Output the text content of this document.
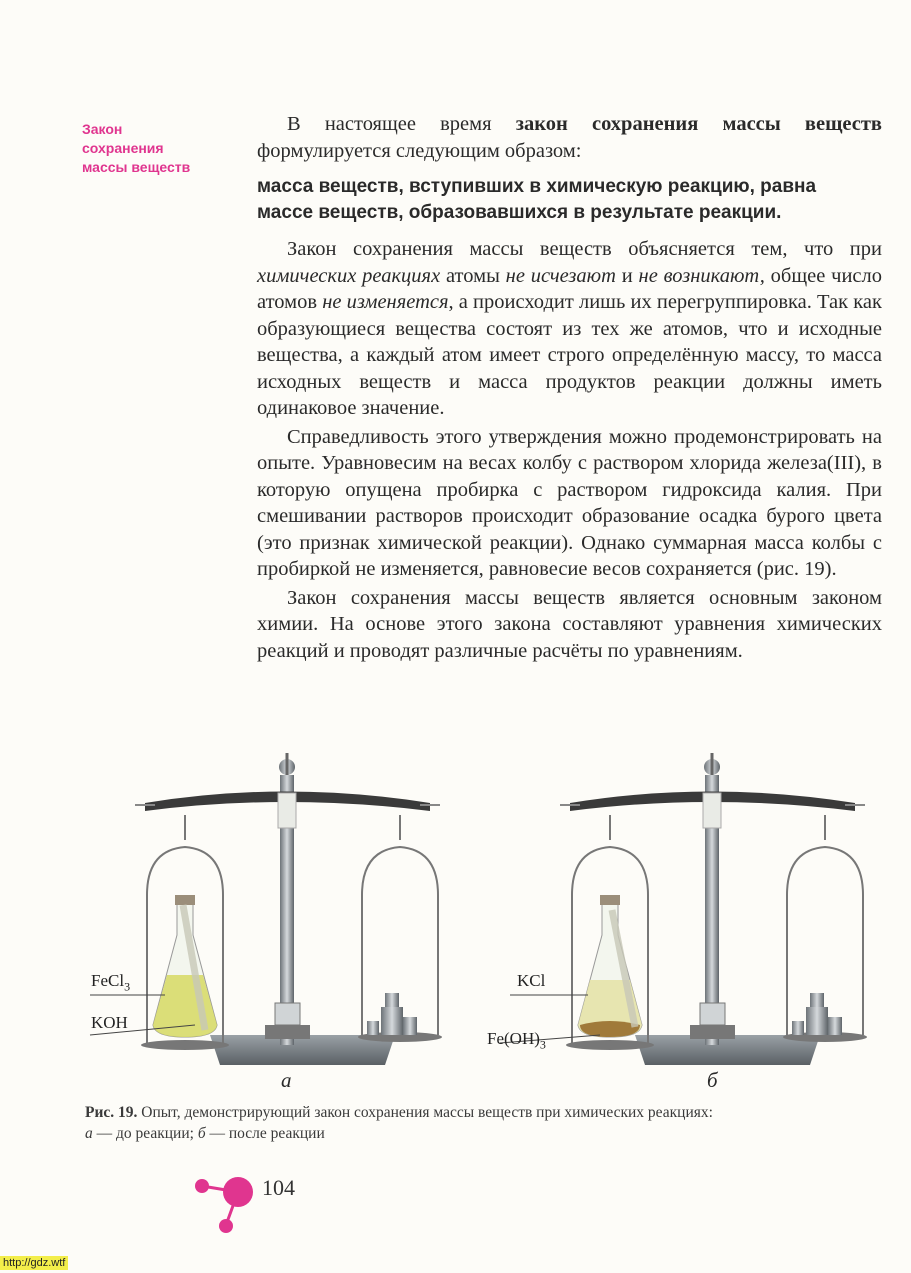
Закон
сохранения
массы веществ

В настоящее время закон сохранения массы веществ формулируется следующим образом:

масса веществ, вступивших в химическую реакцию, равна
массе веществ, образовавшихся в результате реакции.

Закон сохранения массы веществ объясняется тем, что при химических реакциях атомы не исчезают и не возникают, общее число атомов не изменяется, а происходит лишь их перегруппировка. Так как образующиеся вещества состоят из тех же атомов, что и исходные вещества, а каждый атом имеет строго определённую массу, то масса исходных веществ и масса продуктов реакции должны иметь одинаковое значение.

Справедливость этого утверждения можно продемонстрировать на опыте. Уравновесим на весах колбу с раствором хлорида железа(III), в которую опущена пробирка с раствором гидроксида калия. При смешивании растворов происходит образование осадка бурого цвета (это признак химической реакции). Однако суммарная масса колбы с пробиркой не изменяется, равновесие весов сохраняется (рис. 19).

Закон сохранения массы веществ является основным законом химии. На основе этого закона составляют уравнения химических реакций и проводят различные расчёты по уравнениям.

FeCl$_3$
KOH
KCl
$Fe(OH)_3$
а	б
Рис. 19. Опыт, демонстрирующий закон сохранения массы веществ при химических реакциях:
а — до реакции; б — после реакции
104
http://gdz.wtf
